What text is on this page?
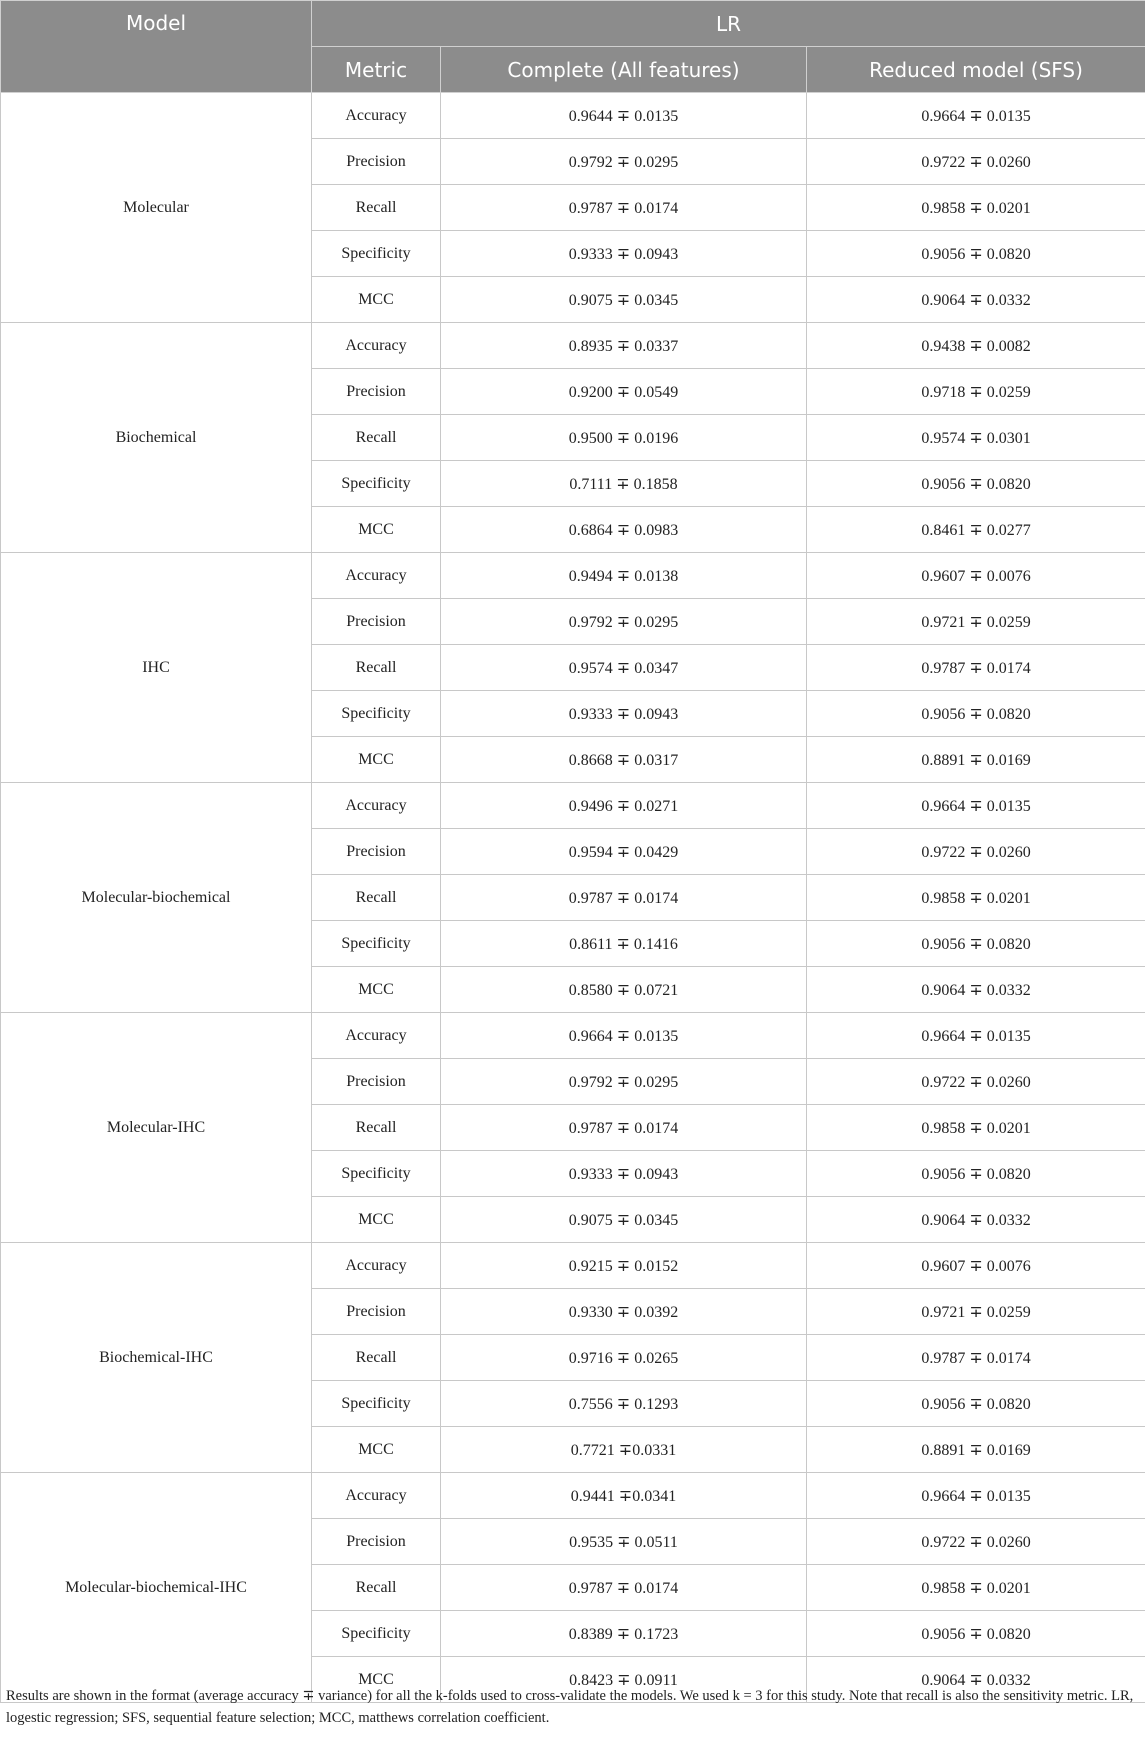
Model	LR		
	Metric	Complete (All features)	Reduced model (SFS)
Molecular	Accuracy	0.9644 ∓ 0.0135	0.9664 ∓ 0.0135
	Precision	0.9792 ∓ 0.0295	0.9722 ∓ 0.0260
	Recall	0.9787 ∓ 0.0174	0.9858 ∓ 0.0201
	Specificity	0.9333 ∓ 0.0943	0.9056 ∓ 0.0820
	MCC	0.9075 ∓ 0.0345	0.9064 ∓ 0.0332
Biochemical	Accuracy	0.8935 ∓ 0.0337	0.9438 ∓ 0.0082
	Precision	0.9200 ∓ 0.0549	0.9718 ∓ 0.0259
	Recall	0.9500 ∓ 0.0196	0.9574 ∓ 0.0301
	Specificity	0.7111 ∓ 0.1858	0.9056 ∓ 0.0820
	MCC	0.6864 ∓ 0.0983	0.8461 ∓ 0.0277
IHC	Accuracy	0.9494 ∓ 0.0138	0.9607 ∓ 0.0076
	Precision	0.9792 ∓ 0.0295	0.9721 ∓ 0.0259
	Recall	0.9574 ∓ 0.0347	0.9787 ∓ 0.0174
	Specificity	0.9333 ∓ 0.0943	0.9056 ∓ 0.0820
	MCC	0.8668 ∓ 0.0317	0.8891 ∓ 0.0169
Molecular-biochemical	Accuracy	0.9496 ∓ 0.0271	0.9664 ∓ 0.0135
	Precision	0.9594 ∓ 0.0429	0.9722 ∓ 0.0260
	Recall	0.9787 ∓ 0.0174	0.9858 ∓ 0.0201
	Specificity	0.8611 ∓ 0.1416	0.9056 ∓ 0.0820
	MCC	0.8580 ∓ 0.0721	0.9064 ∓ 0.0332
Molecular-IHC	Accuracy	0.9664 ∓ 0.0135	0.9664 ∓ 0.0135
	Precision	0.9792 ∓ 0.0295	0.9722 ∓ 0.0260
	Recall	0.9787 ∓ 0.0174	0.9858 ∓ 0.0201
	Specificity	0.9333 ∓ 0.0943	0.9056 ∓ 0.0820
	MCC	0.9075 ∓ 0.0345	0.9064 ∓ 0.0332
Biochemical-IHC	Accuracy	0.9215 ∓ 0.0152	0.9607 ∓ 0.0076
	Precision	0.9330 ∓ 0.0392	0.9721 ∓ 0.0259
	Recall	0.9716 ∓ 0.0265	0.9787 ∓ 0.0174
	Specificity	0.7556 ∓ 0.1293	0.9056 ∓ 0.0820
	MCC	0.7721 ∓0.0331	0.8891 ∓ 0.0169
Molecular-biochemical-IHC	Accuracy	0.9441 ∓0.0341	0.9664 ∓ 0.0135
	Precision	0.9535 ∓ 0.0511	0.9722 ∓ 0.0260
	Recall	0.9787 ∓ 0.0174	0.9858 ∓ 0.0201
	Specificity	0.8389 ∓ 0.1723	0.9056 ∓ 0.0820
	MCC	0.8423 ∓ 0.0911	0.9064 ∓ 0.0332
Results are shown in the format (average accuracy ∓ variance) for all the k-folds used to cross-validate the models. We used k = 3 for this study. Note that recall is also the sensitivity metric. LR, logestic regression; SFS, sequential feature selection; MCC, matthews correlation coefficient.
